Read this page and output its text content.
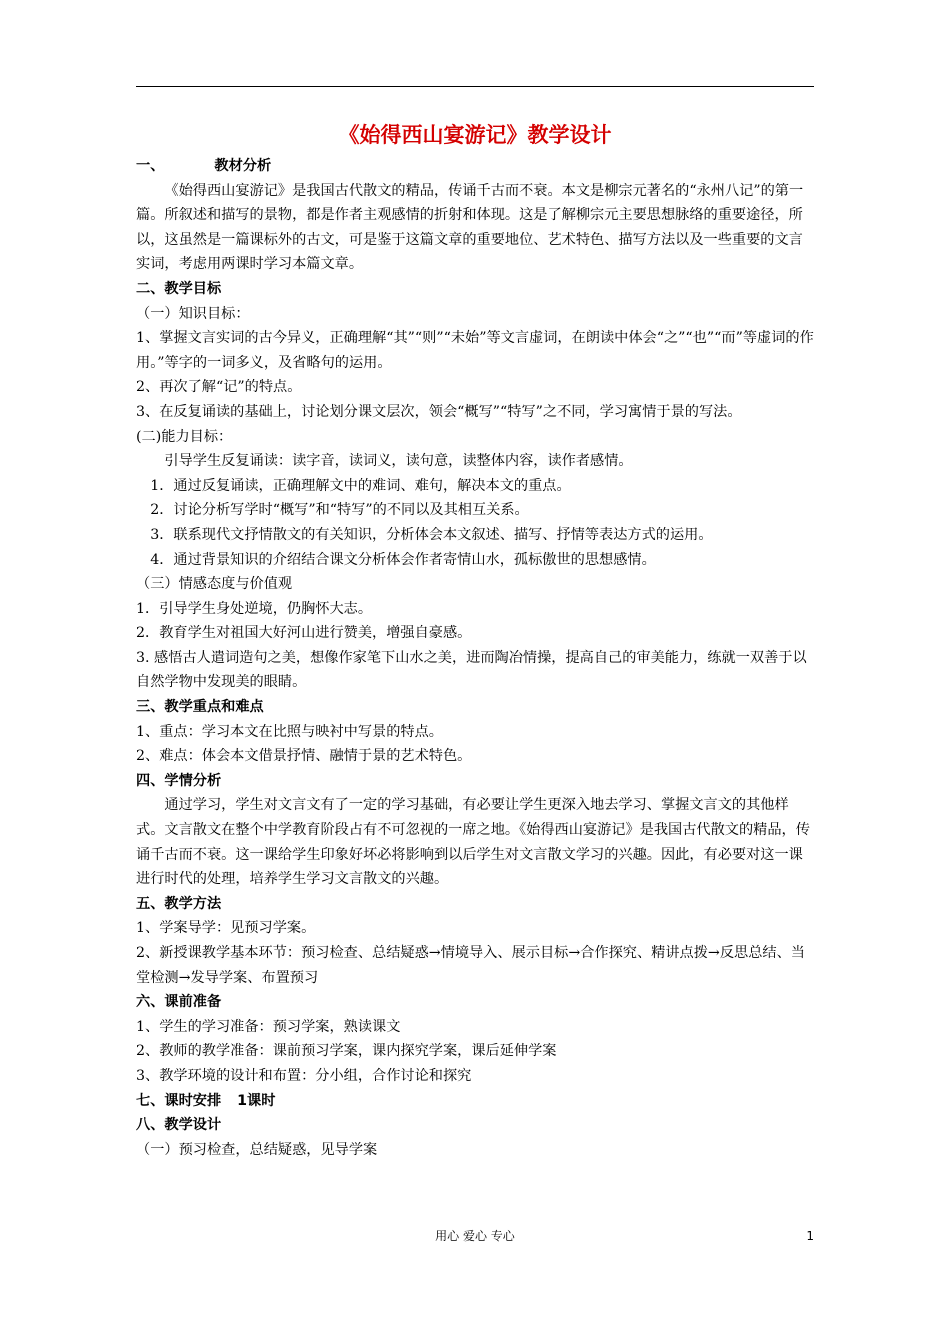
《始得西山宴游记》教学设计

一、	教材分析

《始得西山宴游记》是我国古代散文的精品，传诵千古而不衰。本文是柳宗元著名的“永州八记”的第一篇。所叙述和描写的景物，都是作者主观感情的折射和体现。这是了解柳宗元主要思想脉络的重要途径，所以，这虽然是一篇课标外的古文，可是鉴于这篇文章的重要地位、艺术特色、描写方法以及一些重要的文言实词，考虑用两课时学习本篇文章。

二、教学目标

（一）知识目标：

1、掌握文言实词的古今异义，正确理解“其”“则”“未始”等文言虚词，在朗读中体会“之”“也”“而”等虚词的作用。”等字的一词多义，及省略句的运用。

2、再次了解“记”的特点。

3、在反复诵读的基础上，讨论划分课文层次，领会“概写”“特写”之不同，学习寓情于景的写法。

(二)能力目标：

引导学生反复诵读：读字音，读词义，读句意，读整体内容，读作者感情。

1．通过反复诵读，正确理解文中的难词、难句，解决本文的重点。

2．讨论分析写学时“概写”和“特写”的不同以及其相互关系。

3．联系现代文抒情散文的有关知识，分析体会本文叙述、描写、抒情等表达方式的运用。

4．通过背景知识的介绍结合课文分析体会作者寄情山水，孤标傲世的思想感情。

（三）情感态度与价值观

1．引导学生身处逆境，仍胸怀大志。

2．教育学生对祖国大好河山进行赞美，增强自豪感。

3. 感悟古人遣词造句之美，想像作家笔下山水之美，进而陶冶情操，提高自己的审美能力，练就一双善于以自然学物中发现美的眼睛。

三、教学重点和难点

1、重点：学习本文在比照与映衬中写景的特点。

2、难点：体会本文借景抒情、融情于景的艺术特色。

四、学情分析

通过学习，学生对文言文有了一定的学习基础，有必要让学生更深入地去学习、掌握文言文的其他样式。文言散文在整个中学教育阶段占有不可忽视的一席之地。《始得西山宴游记》是我国古代散文的精品，传诵千古而不衰。这一课给学生印象好坏必将影响到以后学生对文言散文学习的兴趣。因此，有必要对这一课进行时代的处理，培养学生学习文言散文的兴趣。

五、教学方法

1、学案导学：见预习学案。

2、新授课教学基本环节：预习检查、总结疑惑→情境导入、展示目标→合作探究、精讲点拨→反思总结、当堂检测→发导学案、布置预习

六、课前准备

1、学生的学习准备：预习学案，熟读课文

2、教师的教学准备：课前预习学案，课内探究学案，课后延伸学案

3、教学环境的设计和布置：分小组，合作讨论和探究

七、课时安排 1课时

八、教学设计

（一）预习检查，总结疑惑，见导学案

用心 爱心 专心	1
